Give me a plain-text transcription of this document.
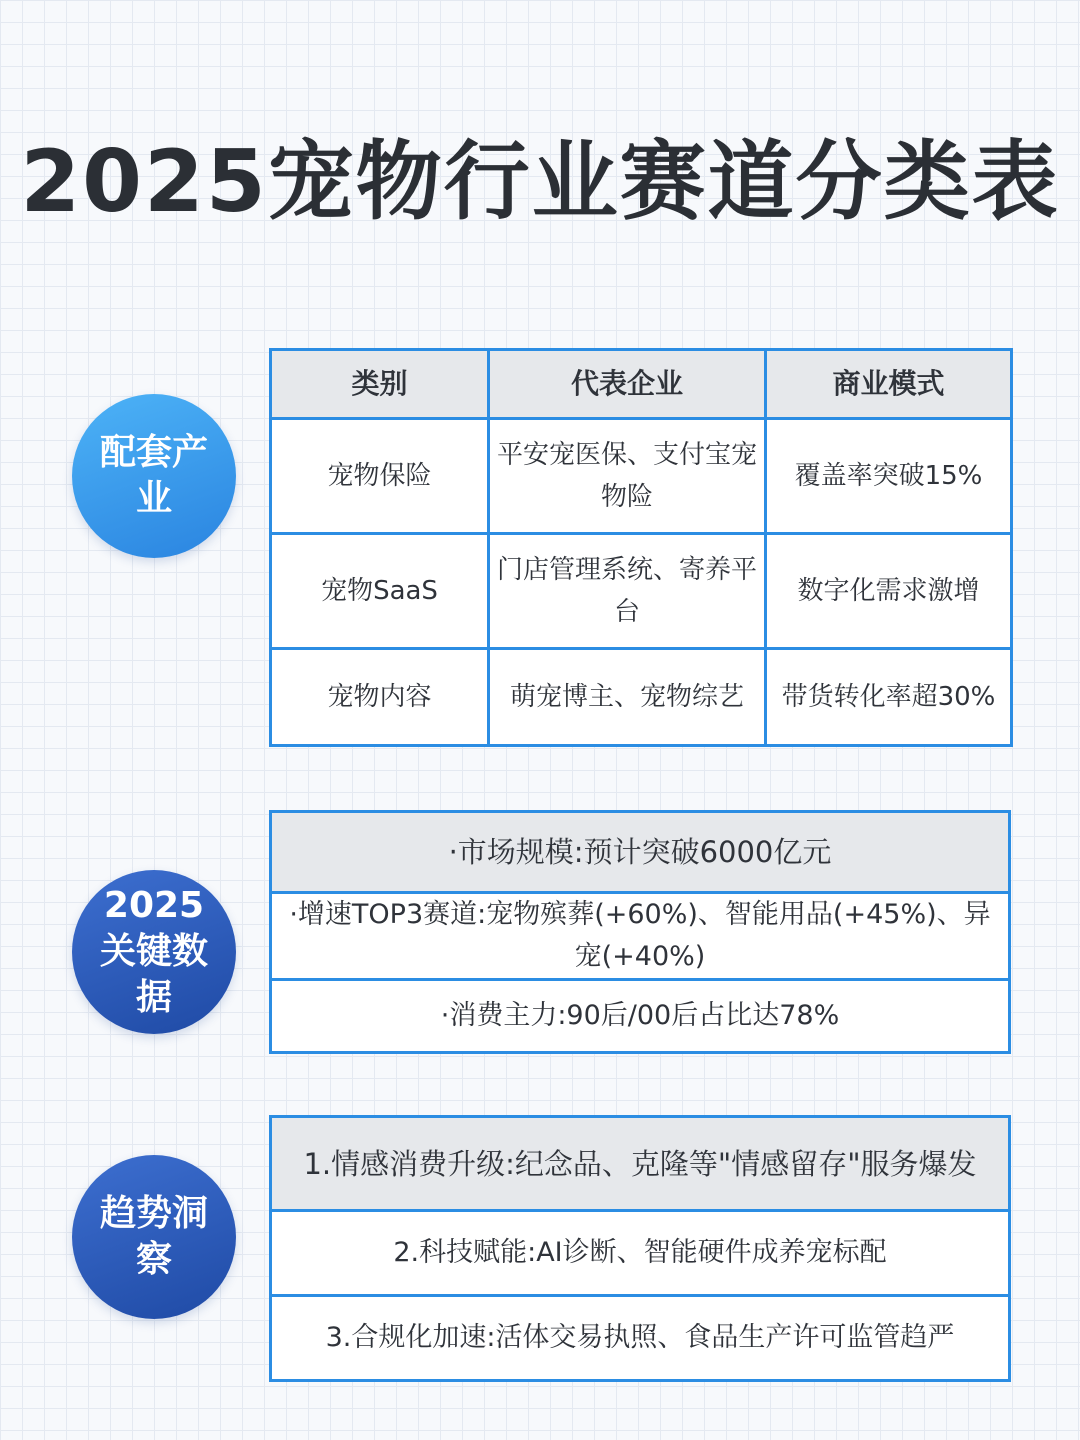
2025宠物行业赛道分类表
配套产业
类别	代表企业	商业模式
宠物保险	平安宠医保、支付宝宠物险	覆盖率突破15%
宠物SaaS	门店管理系统、寄养平台	数字化需求激增
宠物内容	萌宠博主、宠物综艺	带货转化率超30%
2025关键数据
·市场规模:预计突破6000亿元
·增速TOP3赛道:宠物殡葬(+60%)、智能用品(+45%)、异宠(+40%)
·消费主力:90后/00后占比达78%
趋势洞察
1.情感消费升级:纪念品、克隆等"情感留存"服务爆发
2.科技赋能:AI诊断、智能硬件成养宠标配
3.合规化加速:活体交易执照、食品生产许可监管趋严
